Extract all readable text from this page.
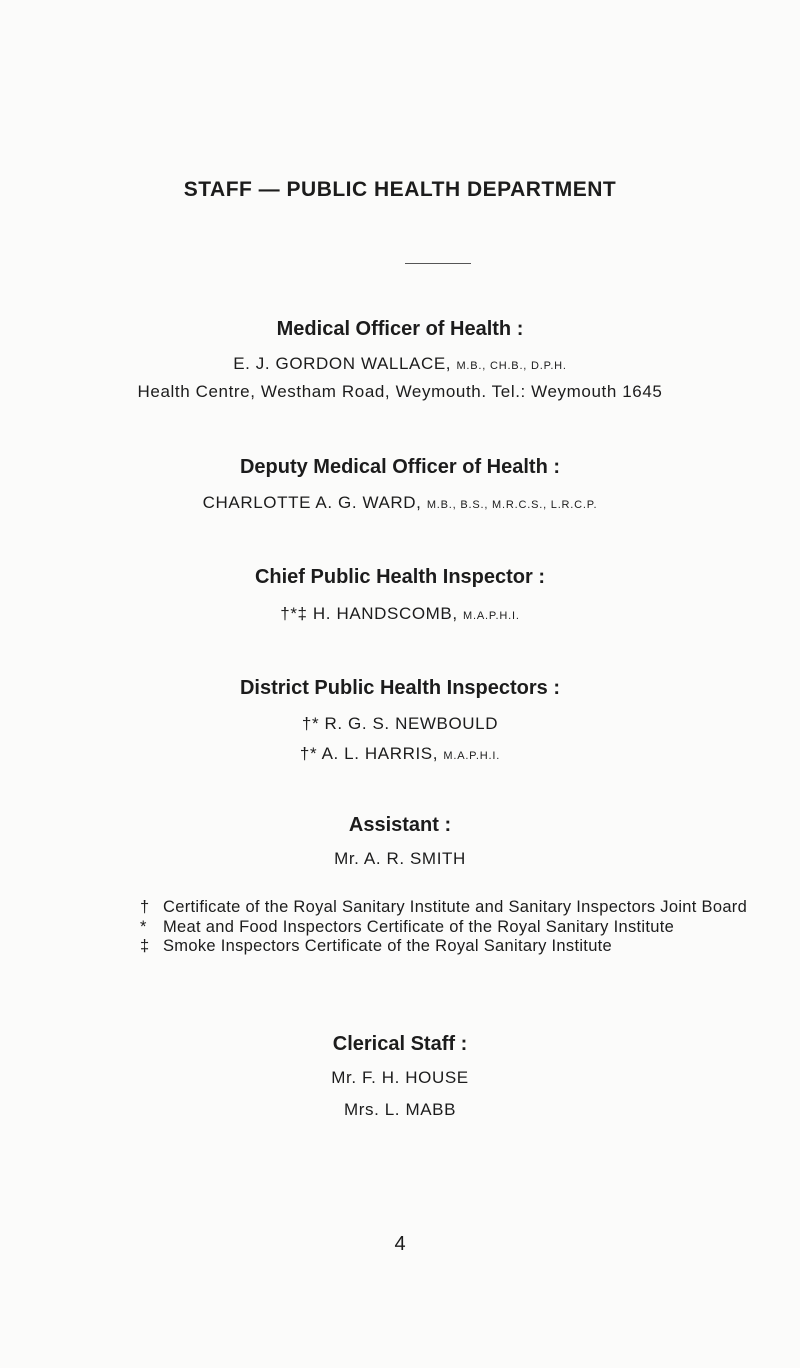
STAFF — PUBLIC HEALTH DEPARTMENT
Medical Officer of Health :
E. J. GORDON WALLACE, M.B., CH.B., D.P.H.
Health Centre, Westham Road, Weymouth. Tel.: Weymouth 1645
Deputy Medical Officer of Health :
CHARLOTTE A. G. WARD, M.B., B.S., M.R.C.S., L.R.C.P.
Chief Public Health Inspector :
†*‡ H. HANDSCOMB, M.A.P.H.I.
District Public Health Inspectors :
†* R. G. S. NEWBOULD
†* A. L. HARRIS, M.A.P.H.I.
Assistant :
Mr. A. R. SMITH
† Certificate of the Royal Sanitary Institute and Sanitary Inspectors Joint Board
* Meat and Food Inspectors Certificate of the Royal Sanitary Institute
‡ Smoke Inspectors Certificate of the Royal Sanitary Institute
Clerical Staff :
Mr. F. H. HOUSE
Mrs. L. MABB
4
